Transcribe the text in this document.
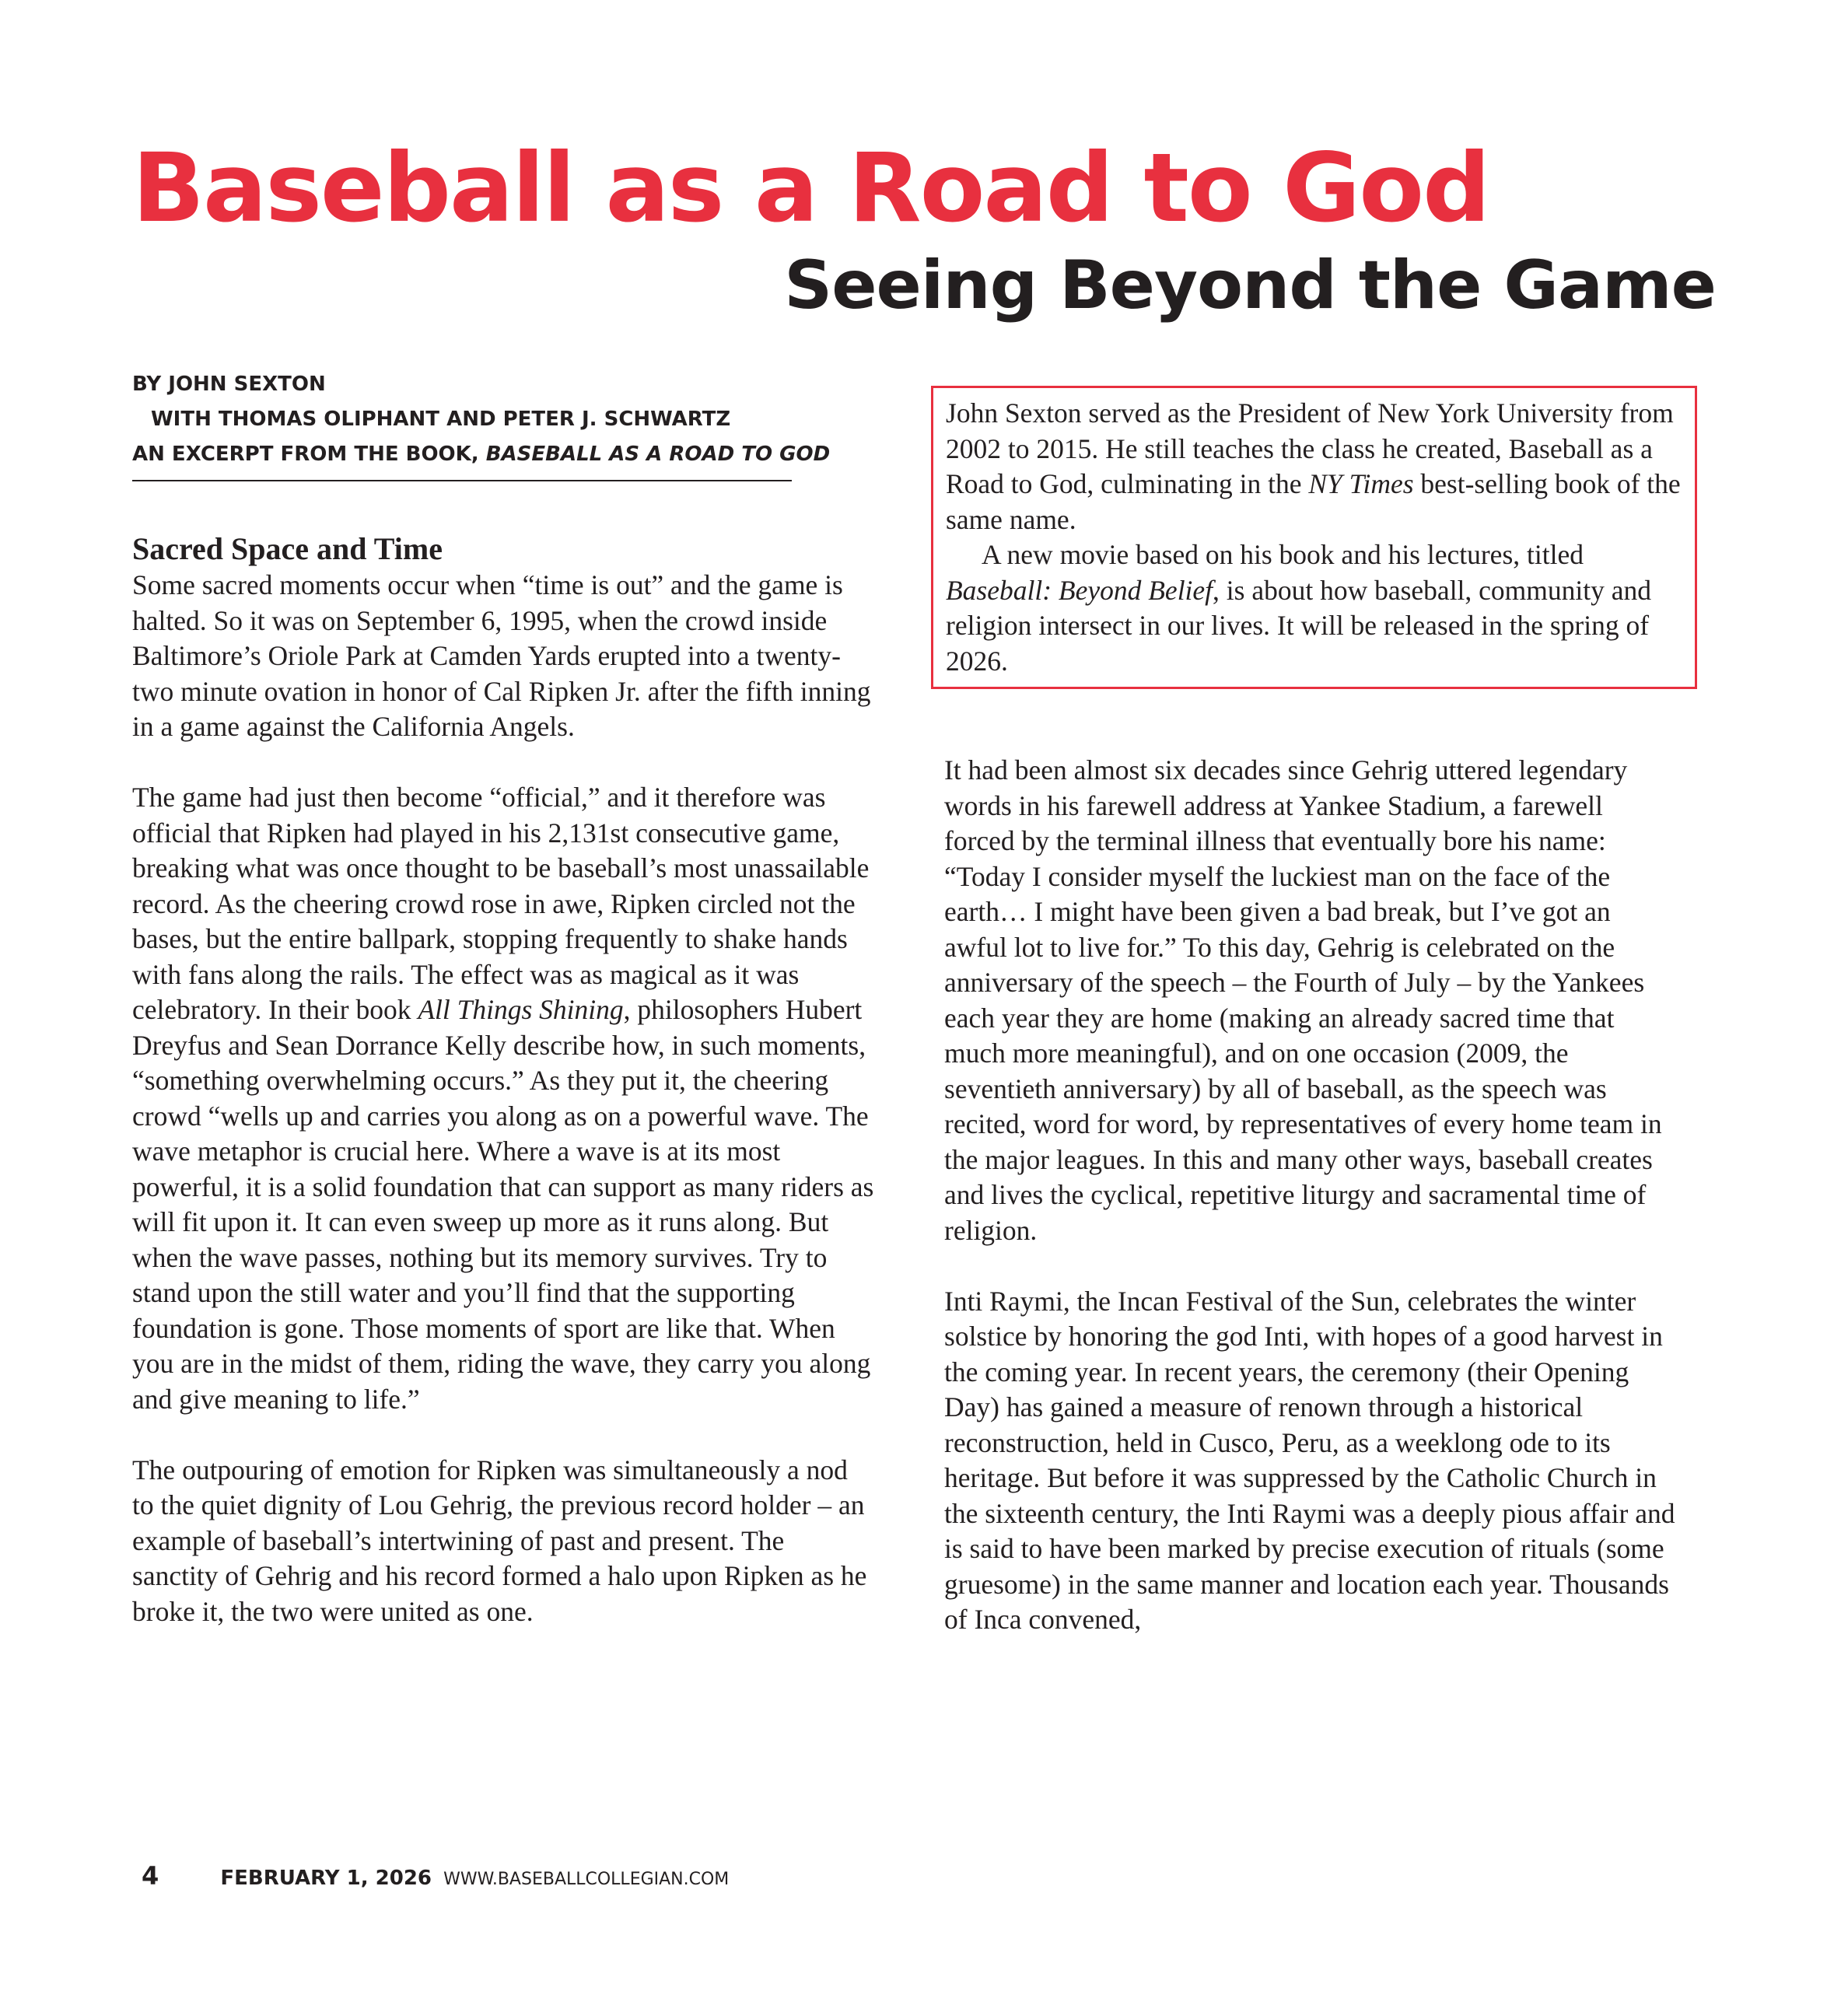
Baseball as a Road to God
Seeing Beyond the Game
BY JOHN SEXTON
WITH THOMAS OLIPHANT AND PETER J. SCHWARTZ
AN EXCERPT FROM THE BOOK, BASEBALL AS A ROAD TO GOD
Sacred Space and Time

Some sacred moments occur when “time is out” and the game is halted. So it was on September 6, 1995, when the crowd inside Baltimore’s Oriole Park at Camden Yards erupted into a twenty-two minute ovation in honor of Cal Ripken Jr. after the fifth inning in a game against the California Angels.

The game had just then become “official,” and it therefore was official that Ripken had played in his 2,131st consecutive game, breaking what was once thought to be baseball’s most unassailable record. As the cheering crowd rose in awe, Ripken circled not the bases, but the entire ballpark, stopping frequently to shake hands with fans along the rails. The effect was as magical as it was celebratory. In their book All Things Shining, philosophers Hubert Dreyfus and Sean Dorrance Kelly describe how, in such moments, “something overwhelming occurs.” As they put it, the cheering crowd “wells up and carries you along as on a powerful wave. The wave metaphor is crucial here. Where a wave is at its most powerful, it is a solid foundation that can support as many riders as will fit upon it. It can even sweep up more as it runs along. But when the wave passes, nothing but its memory survives. Try to stand upon the still water and you’ll find that the supporting foundation is gone. Those moments of sport are like that. When you are in the midst of them, riding the wave, they carry you along and give meaning to life.”

The outpouring of emotion for Ripken was simultaneously a nod to the quiet dignity of Lou Gehrig, the previous record holder – an example of baseball’s intertwining of past and present. The sanctity of Gehrig and his record formed a halo upon Ripken as he broke it, the two were united as one.

John Sexton served as the President of New York University from 2002 to 2015. He still teaches the class he created, Baseball as a Road to God, culminating in the NY Times best-selling book of the same name.

A new movie based on his book and his lectures, titled Baseball: Beyond Belief, is about how baseball, community and religion intersect in our lives. It will be released in the spring of 2026.

It had been almost six decades since Gehrig uttered legendary words in his farewell address at Yankee Stadium, a farewell forced by the terminal illness that eventually bore his name: “Today I consider myself the luckiest man on the face of the earth… I might have been given a bad break, but I’ve got an awful lot to live for.” To this day, Gehrig is celebrated on the anniversary of the speech – the Fourth of July – by the Yankees each year they are home (making an already sacred time that much more meaningful), and on one occasion (2009, the seventieth anniversary) by all of baseball, as the speech was recited, word for word, by representatives of every home team in the major leagues. In this and many other ways, baseball creates and lives the cyclical, repetitive liturgy and sacramental time of religion.

Inti Raymi, the Incan Festival of the Sun, celebrates the winter solstice by honoring the god Inti, with hopes of a good harvest in the coming year. In recent years, the ceremony (their Opening Day) has gained a measure of renown through a historical reconstruction, held in Cusco, Peru, as a weeklong ode to its heritage. But before it was suppressed by the Catholic Church in the sixteenth century, the Inti Raymi was a deeply pious affair and is said to have been marked by precise execution of rituals (some gruesome) in the same manner and location each year. Thousands of Inca convened,

4	FEBRUARY 1, 2026 WWW.BASEBALLCOLLEGIAN.COM
